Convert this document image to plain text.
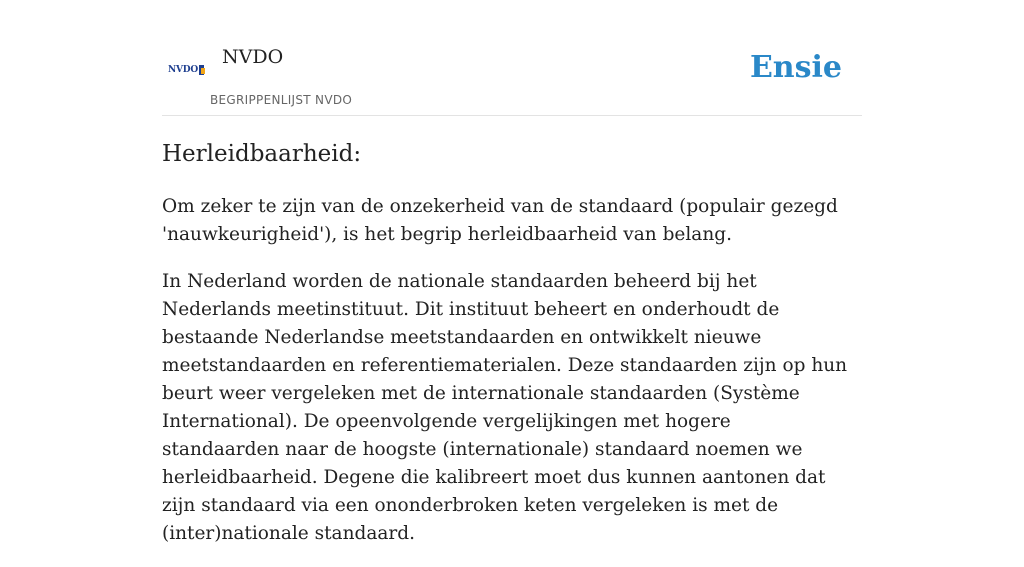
NVDO
NVDO
BEGRIPPENLIJST NVDO
Ensie
Herleidbaarheid:

Om zeker te zijn van de onzekerheid van de standaard (populair gezegd 'nauwkeurigheid'), is het begrip herleidbaarheid van belang.

In Nederland worden de nationale standaarden beheerd bij het Nederlands meetinstituut. Dit instituut beheert en onderhoudt de bestaande Nederlandse meetstandaarden en ontwikkelt nieuwe meetstandaarden en referentiematerialen. Deze standaarden zijn op hun beurt weer vergeleken met de internationale standaarden (Système International). De opeenvolgende vergelijkingen met hogere standaarden naar de hoogste (internationale) standaard noemen we herleidbaarheid. Degene die kalibreert moet dus kunnen aantonen dat zijn standaard via een ononderbroken keten vergeleken is met de (inter)nationale standaard.
